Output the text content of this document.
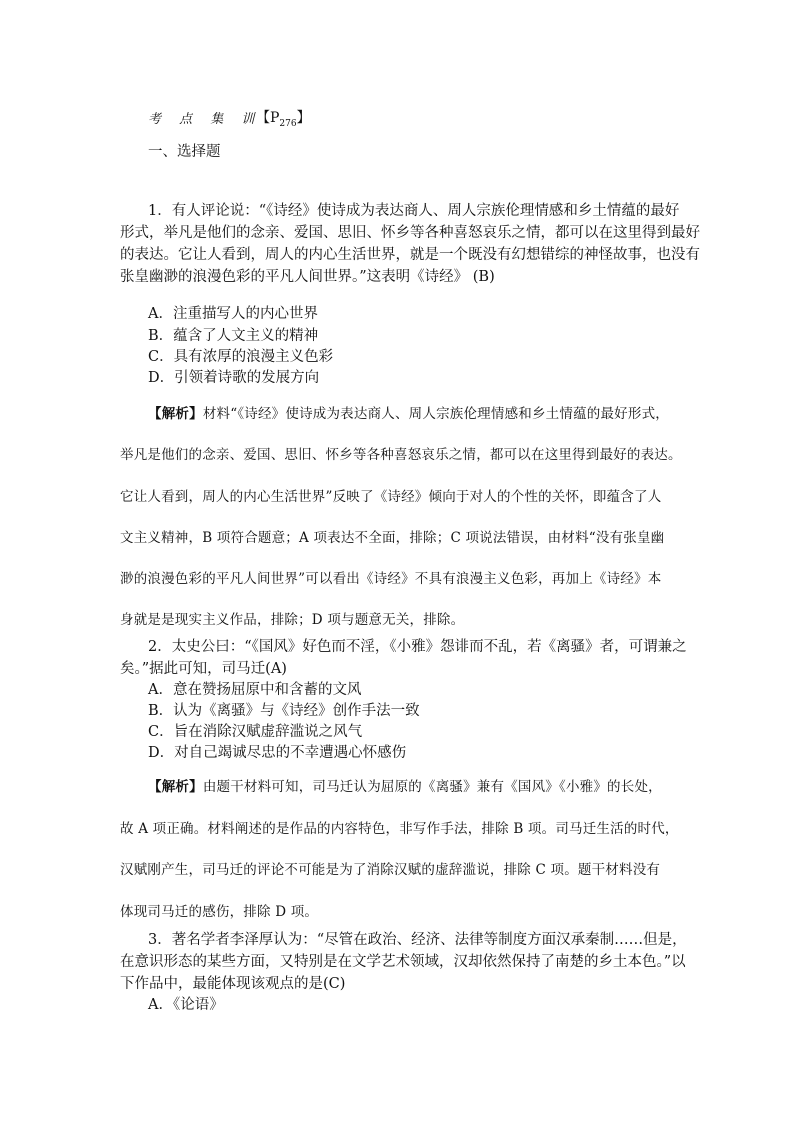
考 点 集 训
【$P_{276}$】
一、选择题
1．有人评论说：“《诗经》使诗成为表达商人、周人宗族伦理情感和乡土情蕴的最好
形式，举凡是他们的念亲、爱国、思旧、怀乡等各种喜怒哀乐之情，都可以在这里得到最好
的表达。它让人看到，周人的内心生活世界，就是一个既没有幻想错综的神怪故事，也没有
张皇幽渺的浪漫色彩的平凡人间世界。”这表明《诗经》 (B)
A．注重描写人的内心世界
B．蕴含了人文主义的精神
C．具有浓厚的浪漫主义色彩
D．引领着诗歌的发展方向
【解析】材料“《诗经》使诗成为表达商人、周人宗族伦理情感和乡土情蕴的最好形式，
举凡是他们的念亲、爱国、思旧、怀乡等各种喜怒哀乐之情，都可以在这里得到最好的表达。
它让人看到，周人的内心生活世界”反映了《诗经》倾向于对人的个性的关怀，即蕴含了人
文主义精神，B 项符合题意；A 项表达不全面，排除；C 项说法错误，由材料“没有张皇幽
渺的浪漫色彩的平凡人间世界”可以看出《诗经》不具有浪漫主义色彩，再加上《诗经》本
身就是是现实主义作品，排除；D 项与题意无关，排除。
2．太史公曰：“《国风》好色而不淫，《小雅》怨诽而不乱，若《离骚》者，可谓兼之
矣。”据此可知，司马迁(A)
A．意在赞扬屈原中和含蓄的文风
B．认为《离骚》与《诗经》创作手法一致
C．旨在消除汉赋虚辞滥说之风气
D．对自己竭诚尽忠的不幸遭遇心怀感伤
【解析】由题干材料可知，司马迁认为屈原的《离骚》兼有《国风》《小雅》的长处，
故 A 项正确。材料阐述的是作品的内容特色，非写作手法，排除 B 项。司马迁生活的时代，
汉赋刚产生，司马迁的评论不可能是为了消除汉赋的虚辞滥说，排除 C 项。题干材料没有
体现司马迁的感伤，排除 D 项。
3．著名学者李泽厚认为：“尽管在政治、经济、法律等制度方面汉承秦制……但是，
在意识形态的某些方面，又特别是在文学艺术领域，汉却依然保持了南楚的乡土本色。”以
下作品中，最能体现该观点的是(C)
A．《论语》
